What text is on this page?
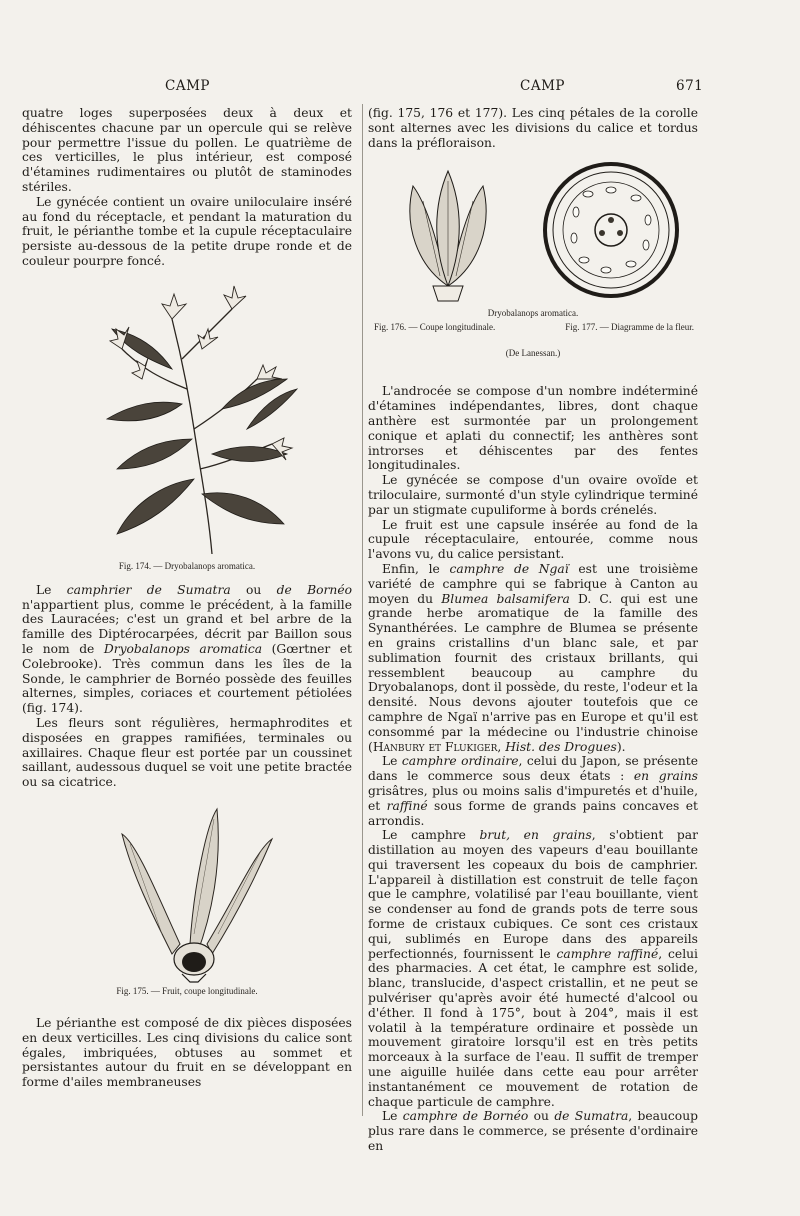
CAMP	CAMP	671

quatre loges superposées deux à deux et déhiscentes chacune par un opercule qui se relève pour permettre l'issue du pollen. Le quatrième de ces verticilles, le plus intérieur, est composé d'étamines rudimentaires ou plutôt de staminodes stériles.

Le gynécée contient un ovaire uniloculaire inséré au fond du réceptacle, et pendant la maturation du fruit, le périanthe tombe et la cupule réceptaculaire persiste au-dessous de la petite drupe ronde et de couleur pourpre foncé.

Fig. 174. — Dryobalanops aromatica.

Le camphrier de Sumatra ou de Bornéo n'appartient plus, comme le précédent, à la famille des Lauracées; c'est un grand et bel arbre de la famille des Diptérocarpées, décrit par Baillon sous le nom de Dryobalanops aromatica (Gœrtner et Colebrooke). Très commun dans les îles de la Sonde, le camphrier de Bornéo possède des feuilles alternes, simples, coriaces et courtement pétiolées (fig. 174).

Les fleurs sont régulières, hermaphrodites et disposées en grappes ramifiées, terminales ou axillaires. Chaque fleur est portée par un coussinet saillant, audessous duquel se voit une petite bractée ou sa cicatrice.

Fig. 175. — Fruit, coupe longitudinale.

Le périanthe est composé de dix pièces disposées en deux verticilles. Les cinq divisions du calice sont égales, imbriquées, obtuses au sommet et persistantes autour du fruit en se développant en forme d'ailes membraneuses

(fig. 175, 176 et 177). Les cinq pétales de la corolle sont alternes avec les divisions du calice et tordus dans la préfloraison.

Dryobalanops aromatica.
Fig. 176. — Coupe longitudinale.	Fig. 177. — Diagramme de la fleur.
(De Lanessan.)

L'androcée se compose d'un nombre indéterminé d'étamines indépendantes, libres, dont chaque anthère est surmontée par un prolongement conique et aplati du connectif; les anthères sont introrses et déhiscentes par des fentes longitudinales.

Le gynécée se compose d'un ovaire ovoïde et triloculaire, surmonté d'un style cylindrique terminé par un stigmate cupuliforme à bords crénelés.

Le fruit est une capsule insérée au fond de la cupule réceptaculaire, entourée, comme nous l'avons vu, du calice persistant.

Enfin, le camphre de Ngaï est une troisième variété de camphre qui se fabrique à Canton au moyen du Blumea balsamifera D. C. qui est une grande herbe aromatique de la famille des Synanthérées. Le camphre de Blumea se présente en grains cristallins d'un blanc sale, et par sublimation fournit des cristaux brillants, qui ressemblent beaucoup au camphre du Dryobalanops, dont il possède, du reste, l'odeur et la densité. Nous devons ajouter toutefois que ce camphre de Ngaï n'arrive pas en Europe et qu'il est consommé par la médecine ou l'industrie chinoise (Hanbury et Flukiger, Hist. des Drogues).

Le camphre ordinaire, celui du Japon, se présente dans le commerce sous deux états : en grains grisâtres, plus ou moins salis d'impuretés et d'huile, et raffiné sous forme de grands pains concaves et arrondis.

Le camphre brut, en grains, s'obtient par distillation au moyen des vapeurs d'eau bouillante qui traversent les copeaux du bois de camphrier. L'appareil à distillation est construit de telle façon que le camphre, volatilisé par l'eau bouillante, vient se condenser au fond de grands pots de terre sous forme de cristaux cubiques. Ce sont ces cristaux qui, sublimés en Europe dans des appareils perfectionnés, fournissent le camphre raffiné, celui des pharmacies. A cet état, le camphre est solide, blanc, translucide, d'aspect cristallin, et ne peut se pulvériser qu'après avoir été humecté d'alcool ou d'éther. Il fond à 175°, bout à 204°, mais il est volatil à la température ordinaire et possède un mouvement giratoire lorsqu'il est en très petits morceaux à la surface de l'eau. Il suffit de tremper une aiguille huilée dans cette eau pour arrêter instantanément ce mouvement de rotation de chaque particule de camphre.

Le camphre de Bornéo ou de Sumatra, beaucoup plus rare dans le commerce, se présente d'ordinaire en
